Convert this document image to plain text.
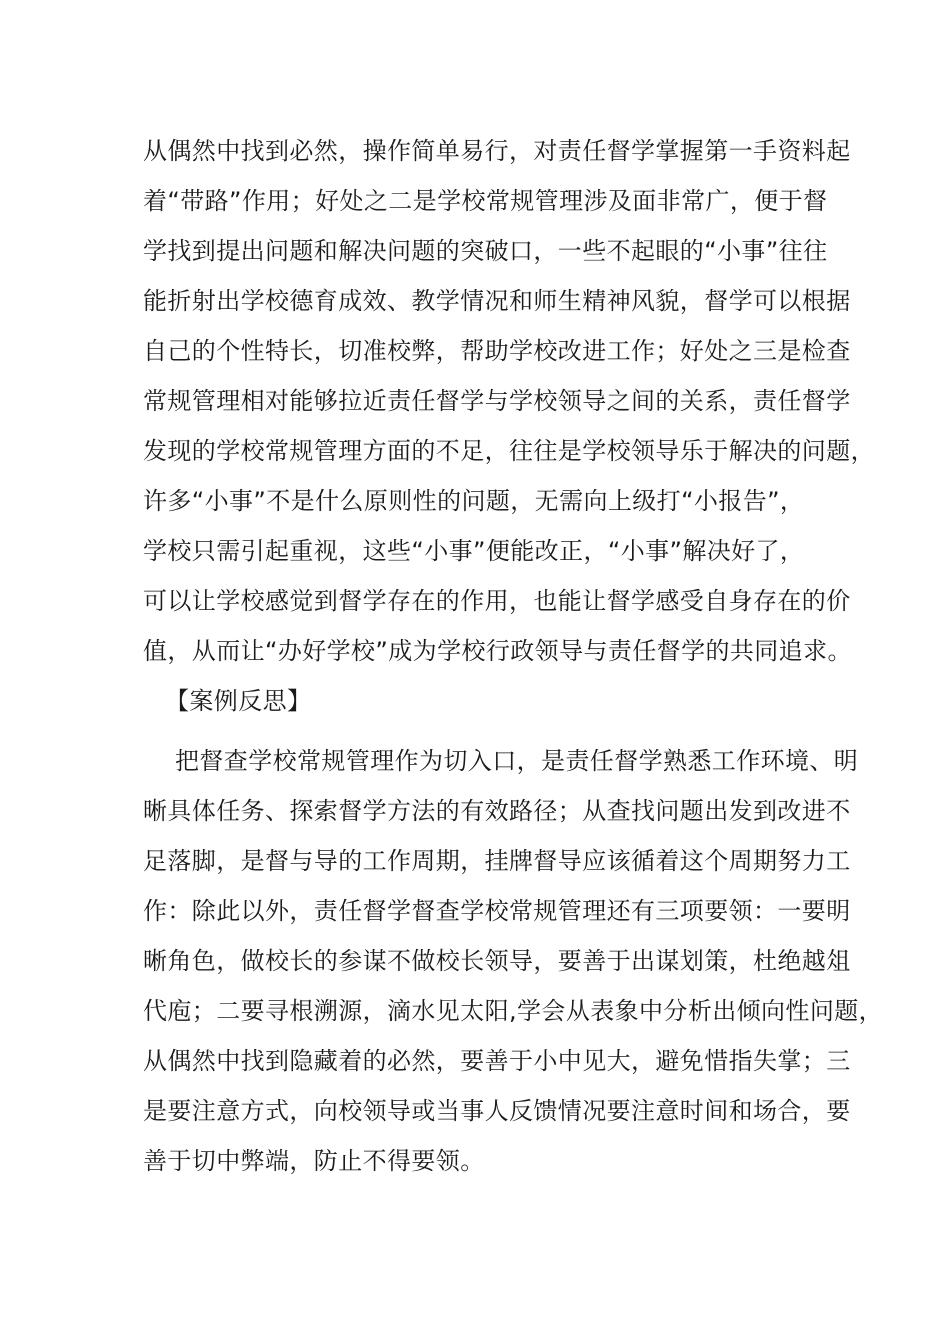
从偶然中找到必然，操作简单易行，对责任督学掌握第一手资料起
着“带路”作用；好处之二是学校常规管理涉及面非常广，便于督
学找到提出问题和解决问题的突破口，一些不起眼的“小事”往往
能折射出学校德育成效、教学情况和师生精神风貌，督学可以根据
自己的个性特长，切准校弊，帮助学校改进工作；好处之三是检查
常规管理相对能够拉近责任督学与学校领导之间的关系，责任督学
发现的学校常规管理方面的不足，往往是学校领导乐于解决的问题，
许多“小事”不是什么原则性的问题，无需向上级打“小报告”，
学校只需引起重视，这些“小事”便能改正，“小事”解决好了，
可以让学校感觉到督学存在的作用，也能让督学感受自身存在的价
值，从而让“办好学校”成为学校行政领导与责任督学的共同追求。
【案例反思】
把督查学校常规管理作为切入口，是责任督学熟悉工作环境、明
晰具体任务、探索督学方法的有效路径；从查找问题出发到改进不
足落脚，是督与导的工作周期，挂牌督导应该循着这个周期努力工
作：除此以外，责任督学督查学校常规管理还有三项要领：一要明
晰角色，做校长的参谋不做校长领导，要善于出谋划策，杜绝越俎
代庖；二要寻根溯源，滴水见太阳,学会从表象中分析出倾向性问题，
从偶然中找到隐藏着的必然，要善于小中见大，避免惜指失掌；三
是要注意方式，向校领导或当事人反馈情况要注意时间和场合，要
善于切中弊端，防止不得要领。
